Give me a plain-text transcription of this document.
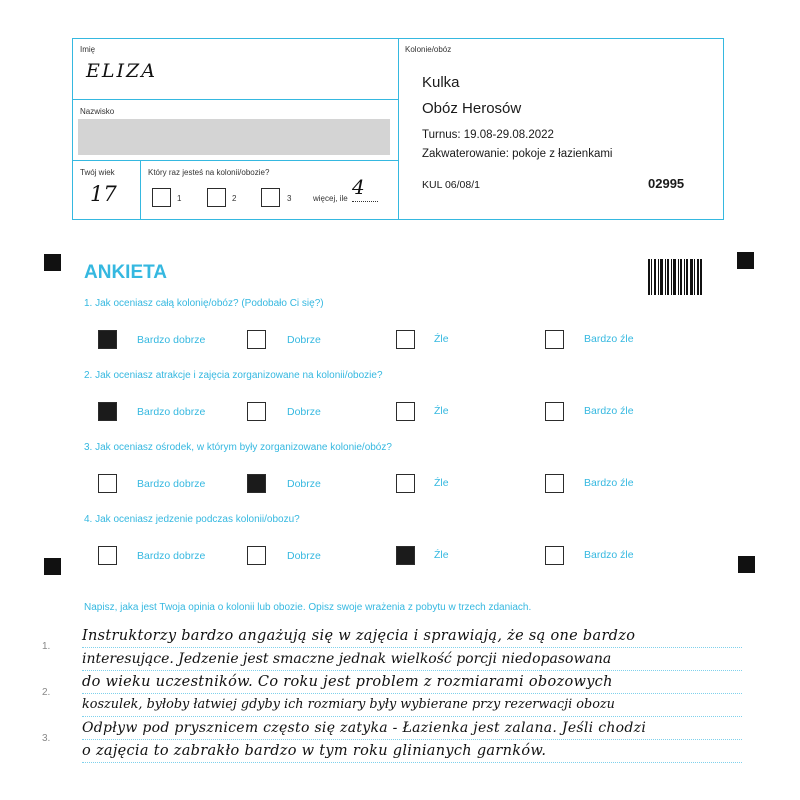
Imię
ELIZA
Nazwisko
Twój wiek
17
Który raz jesteś na kolonii/obozie?
1	2	3	więcej, ile 4
Kolonie/obóz
Kulka
Obóz Herosów
Turnus: 19.08-29.08.2022
Zakwaterowanie: pokoje z łazienkami
KUL 06/08/1	02995
ANKIETA
1. Jak oceniasz całą kolonię/obóz? (Podobało Ci się?)
Bardzo dobrze	Dobrze	Źle	Bardzo źle
2. Jak oceniasz atrakcje i zajęcia zorganizowane na kolonii/obozie?
Bardzo dobrze	Dobrze	Źle	Bardzo źle
3. Jak oceniasz ośrodek, w którym były zorganizowane kolonie/obóz?
Bardzo dobrze	Dobrze	Źle	Bardzo źle
4. Jak oceniasz jedzenie podczas kolonii/obozu?
Bardzo dobrze	Dobrze	Źle	Bardzo źle
Napisz, jaka jest Twoja opinia o kolonii lub obozie. Opisz swoje wrażenia z pobytu w trzech zdaniach.
1.
2.
3.
Instruktorzy bardzo angażują się w zajęcia i sprawiają, że są one bardzo
interesujące. Jedzenie jest smaczne jednak wielkość porcji niedopasowana
do wieku uczestników. Co roku jest problem z rozmiarami obozowych
koszulek, byłoby łatwiej gdyby ich rozmiary były wybierane przy rezerwacji obozu
Odpływ pod prysznicem często się zatyka - Łazienka jest zalana. Jeśli chodzi
o zajęcia to zabrakło bardzo w tym roku glinianych garnków.
